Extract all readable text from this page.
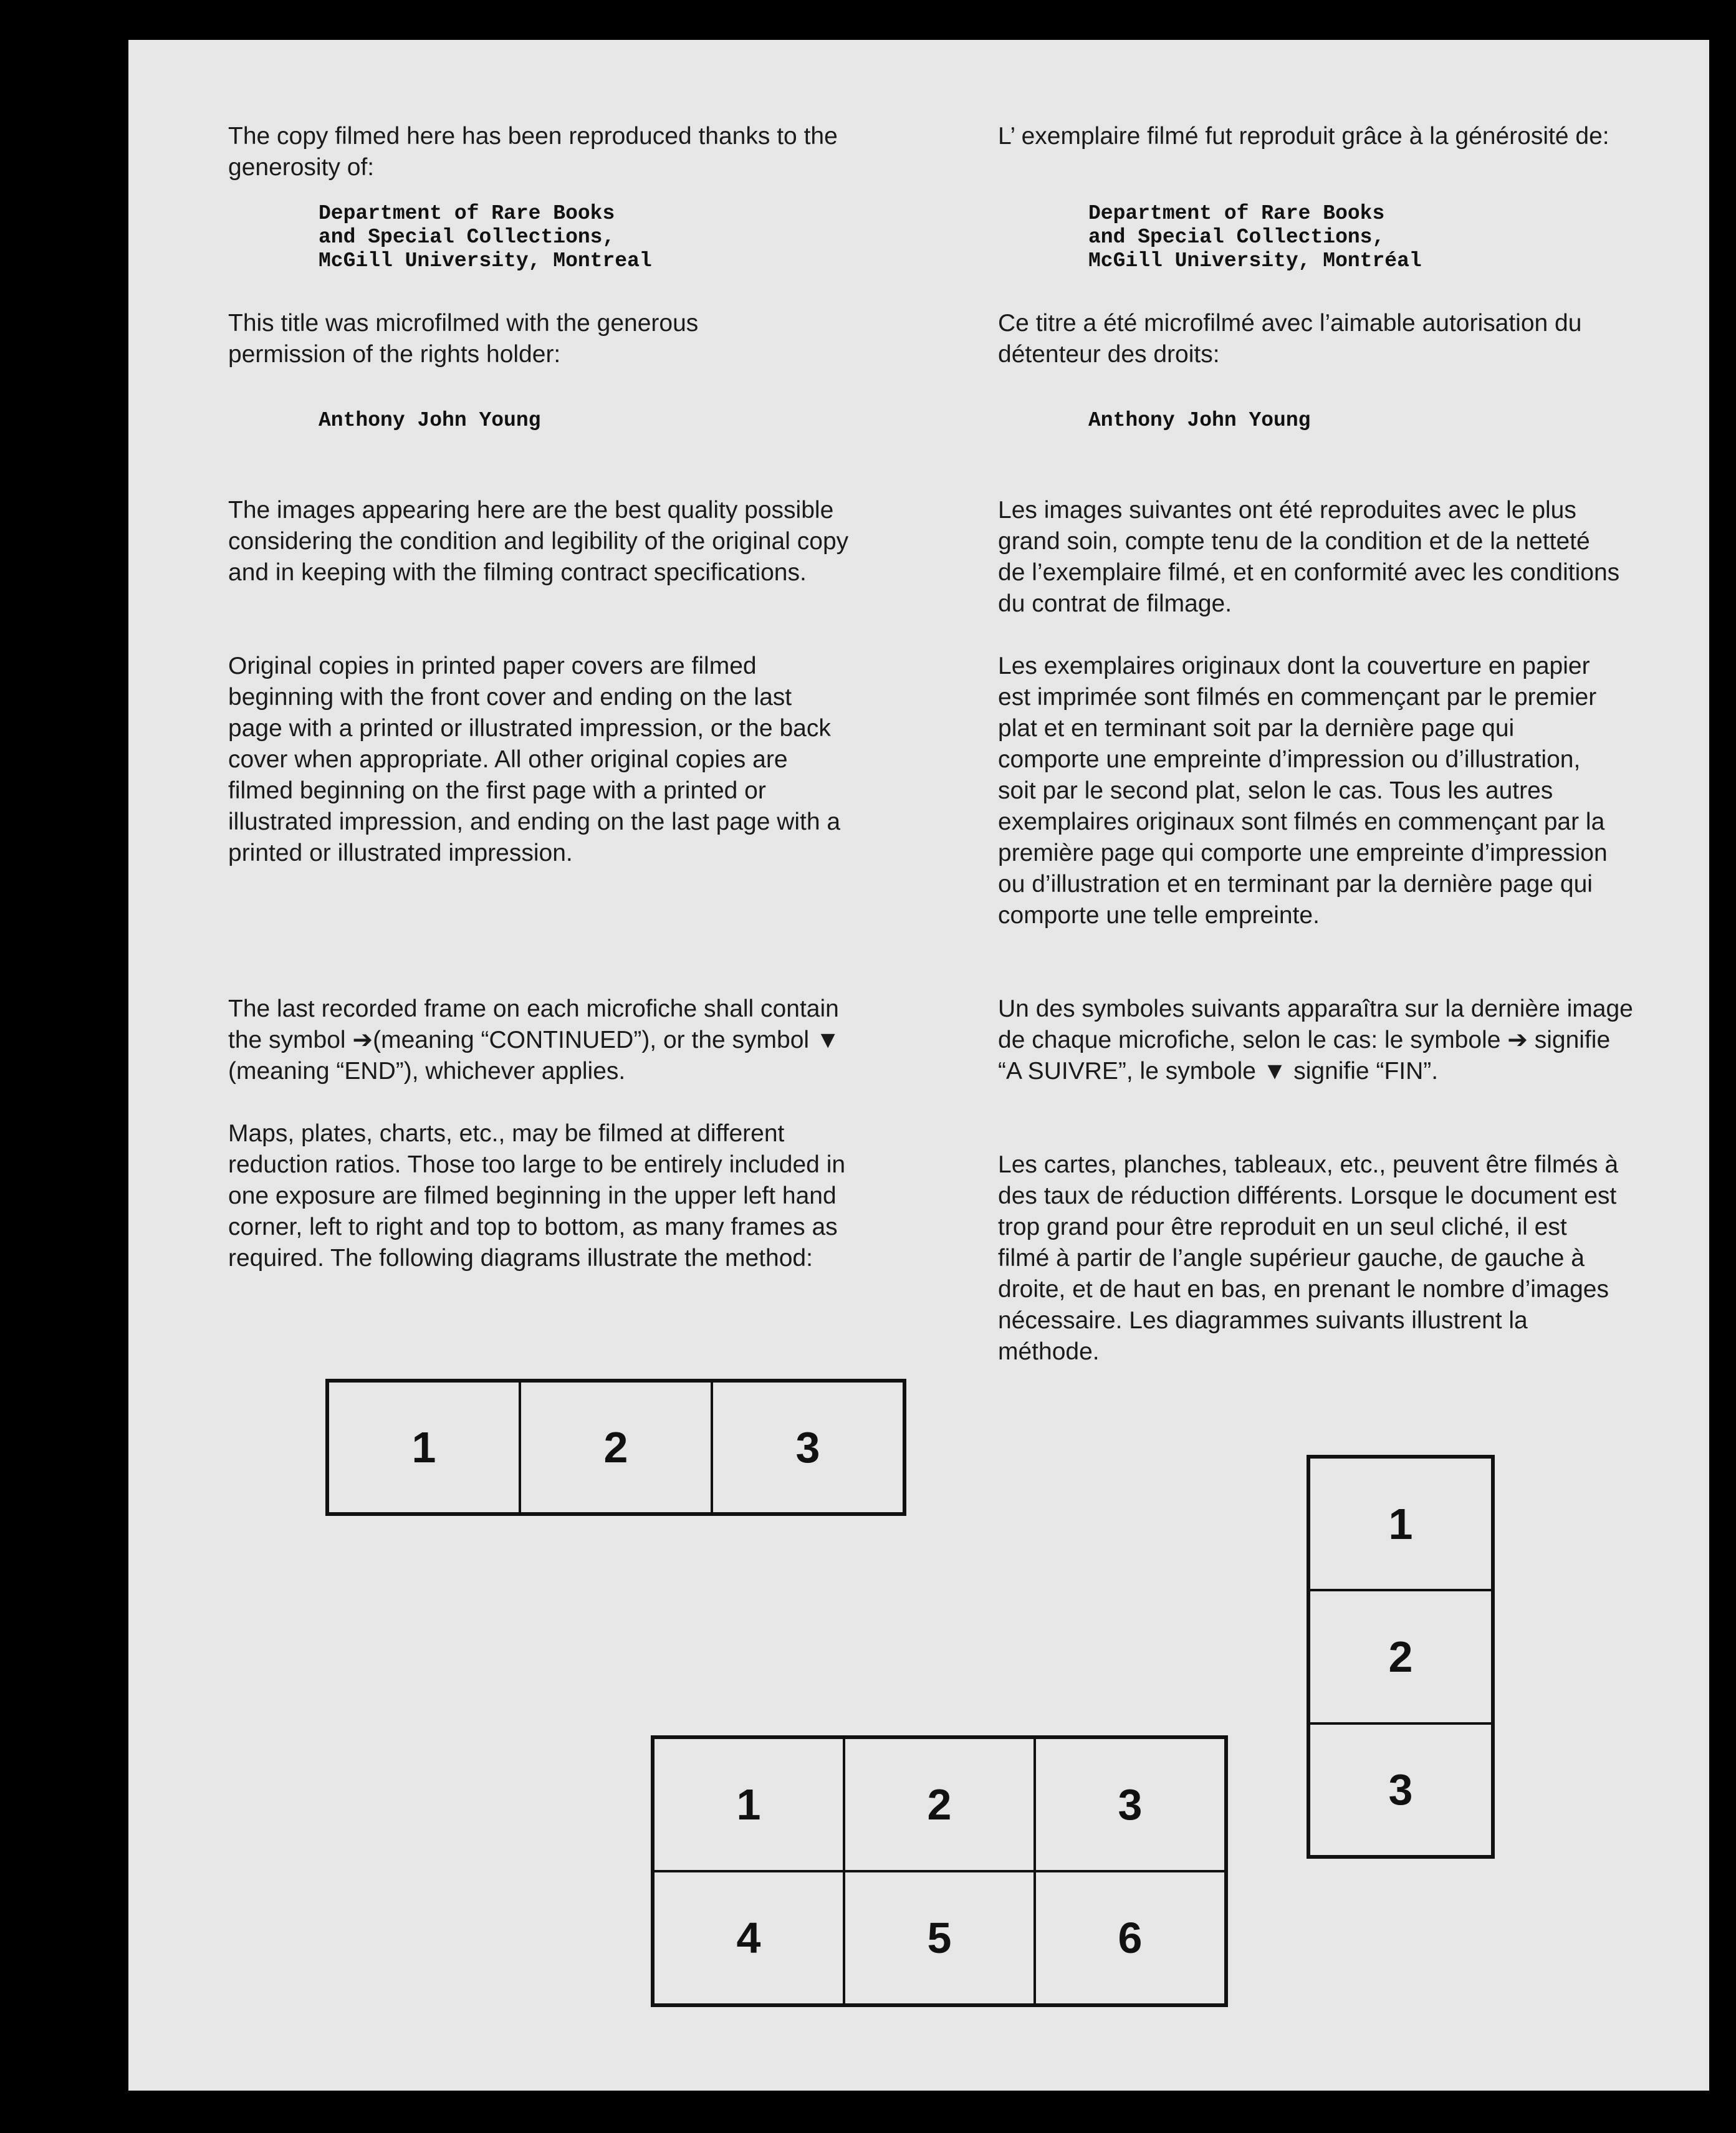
The copy filmed here has been reproduced thanks to the generosity of:

Department of Rare Books

and Special Collections,

McGill University, Montreal

This title was microfilmed with the generous permission of the rights holder:

Anthony John Young

The images appearing here are the best quality possible considering the condition and legibility of the original copy and in keeping with the filming contract specifications.

Original copies in printed paper covers are filmed beginning with the front cover and ending on the last page with a printed or illustrated impression, or the back cover when appropriate. All other original copies are filmed beginning on the first page with a printed or illustrated impression, and ending on the last page with a printed or illustrated impression.

The last recorded frame on each microfiche shall contain the symbol ➔(meaning “CONTINUED”), or the symbol ▼ (meaning “END”), whichever applies.

Maps, plates, charts, etc., may be filmed at different reduction ratios. Those too large to be entirely included in one exposure are filmed beginning in the upper left hand corner, left to right and top to bottom, as many frames as required. The following diagrams illustrate the method:

L’ exemplaire filmé fut reproduit grâce à la générosité de:

Department of Rare Books

and Special Collections,

McGill University, Montréal

Ce titre a été microfilmé avec l’aimable autorisation du détenteur des droits:

Anthony John Young

Les images suivantes ont été reproduites avec le plus grand soin, compte tenu de la condition et de la netteté de l’exemplaire filmé, et en conformité avec les conditions du contrat de filmage.

Les exemplaires originaux dont la couverture en papier est imprimée sont filmés en commençant par le premier plat et en terminant soit par la dernière page qui comporte une empreinte d’impression ou d’illustration, soit par le second plat, selon le cas. Tous les autres exemplaires originaux sont filmés en commençant par la première page qui comporte une empreinte d’impression ou d’illustration et en terminant par la dernière page qui comporte une telle empreinte.

Un des symboles suivants apparaîtra sur la dernière image de chaque microfiche, selon le cas: le symbole ➔ signifie “A SUIVRE”, le symbole ▼ signifie “FIN”.

Les cartes, planches, tableaux, etc., peuvent être filmés à des taux de réduction différents. Lorsque le document est trop grand pour être reproduit en un seul cliché, il est filmé à partir de l’angle supérieur gauche, de gauche à droite, et de haut en bas, en prenant le nombre d’images nécessaire. Les diagrammes suivants illustrent la méthode.

1	2	3
1
2
3
1	2	3
4	5	6
